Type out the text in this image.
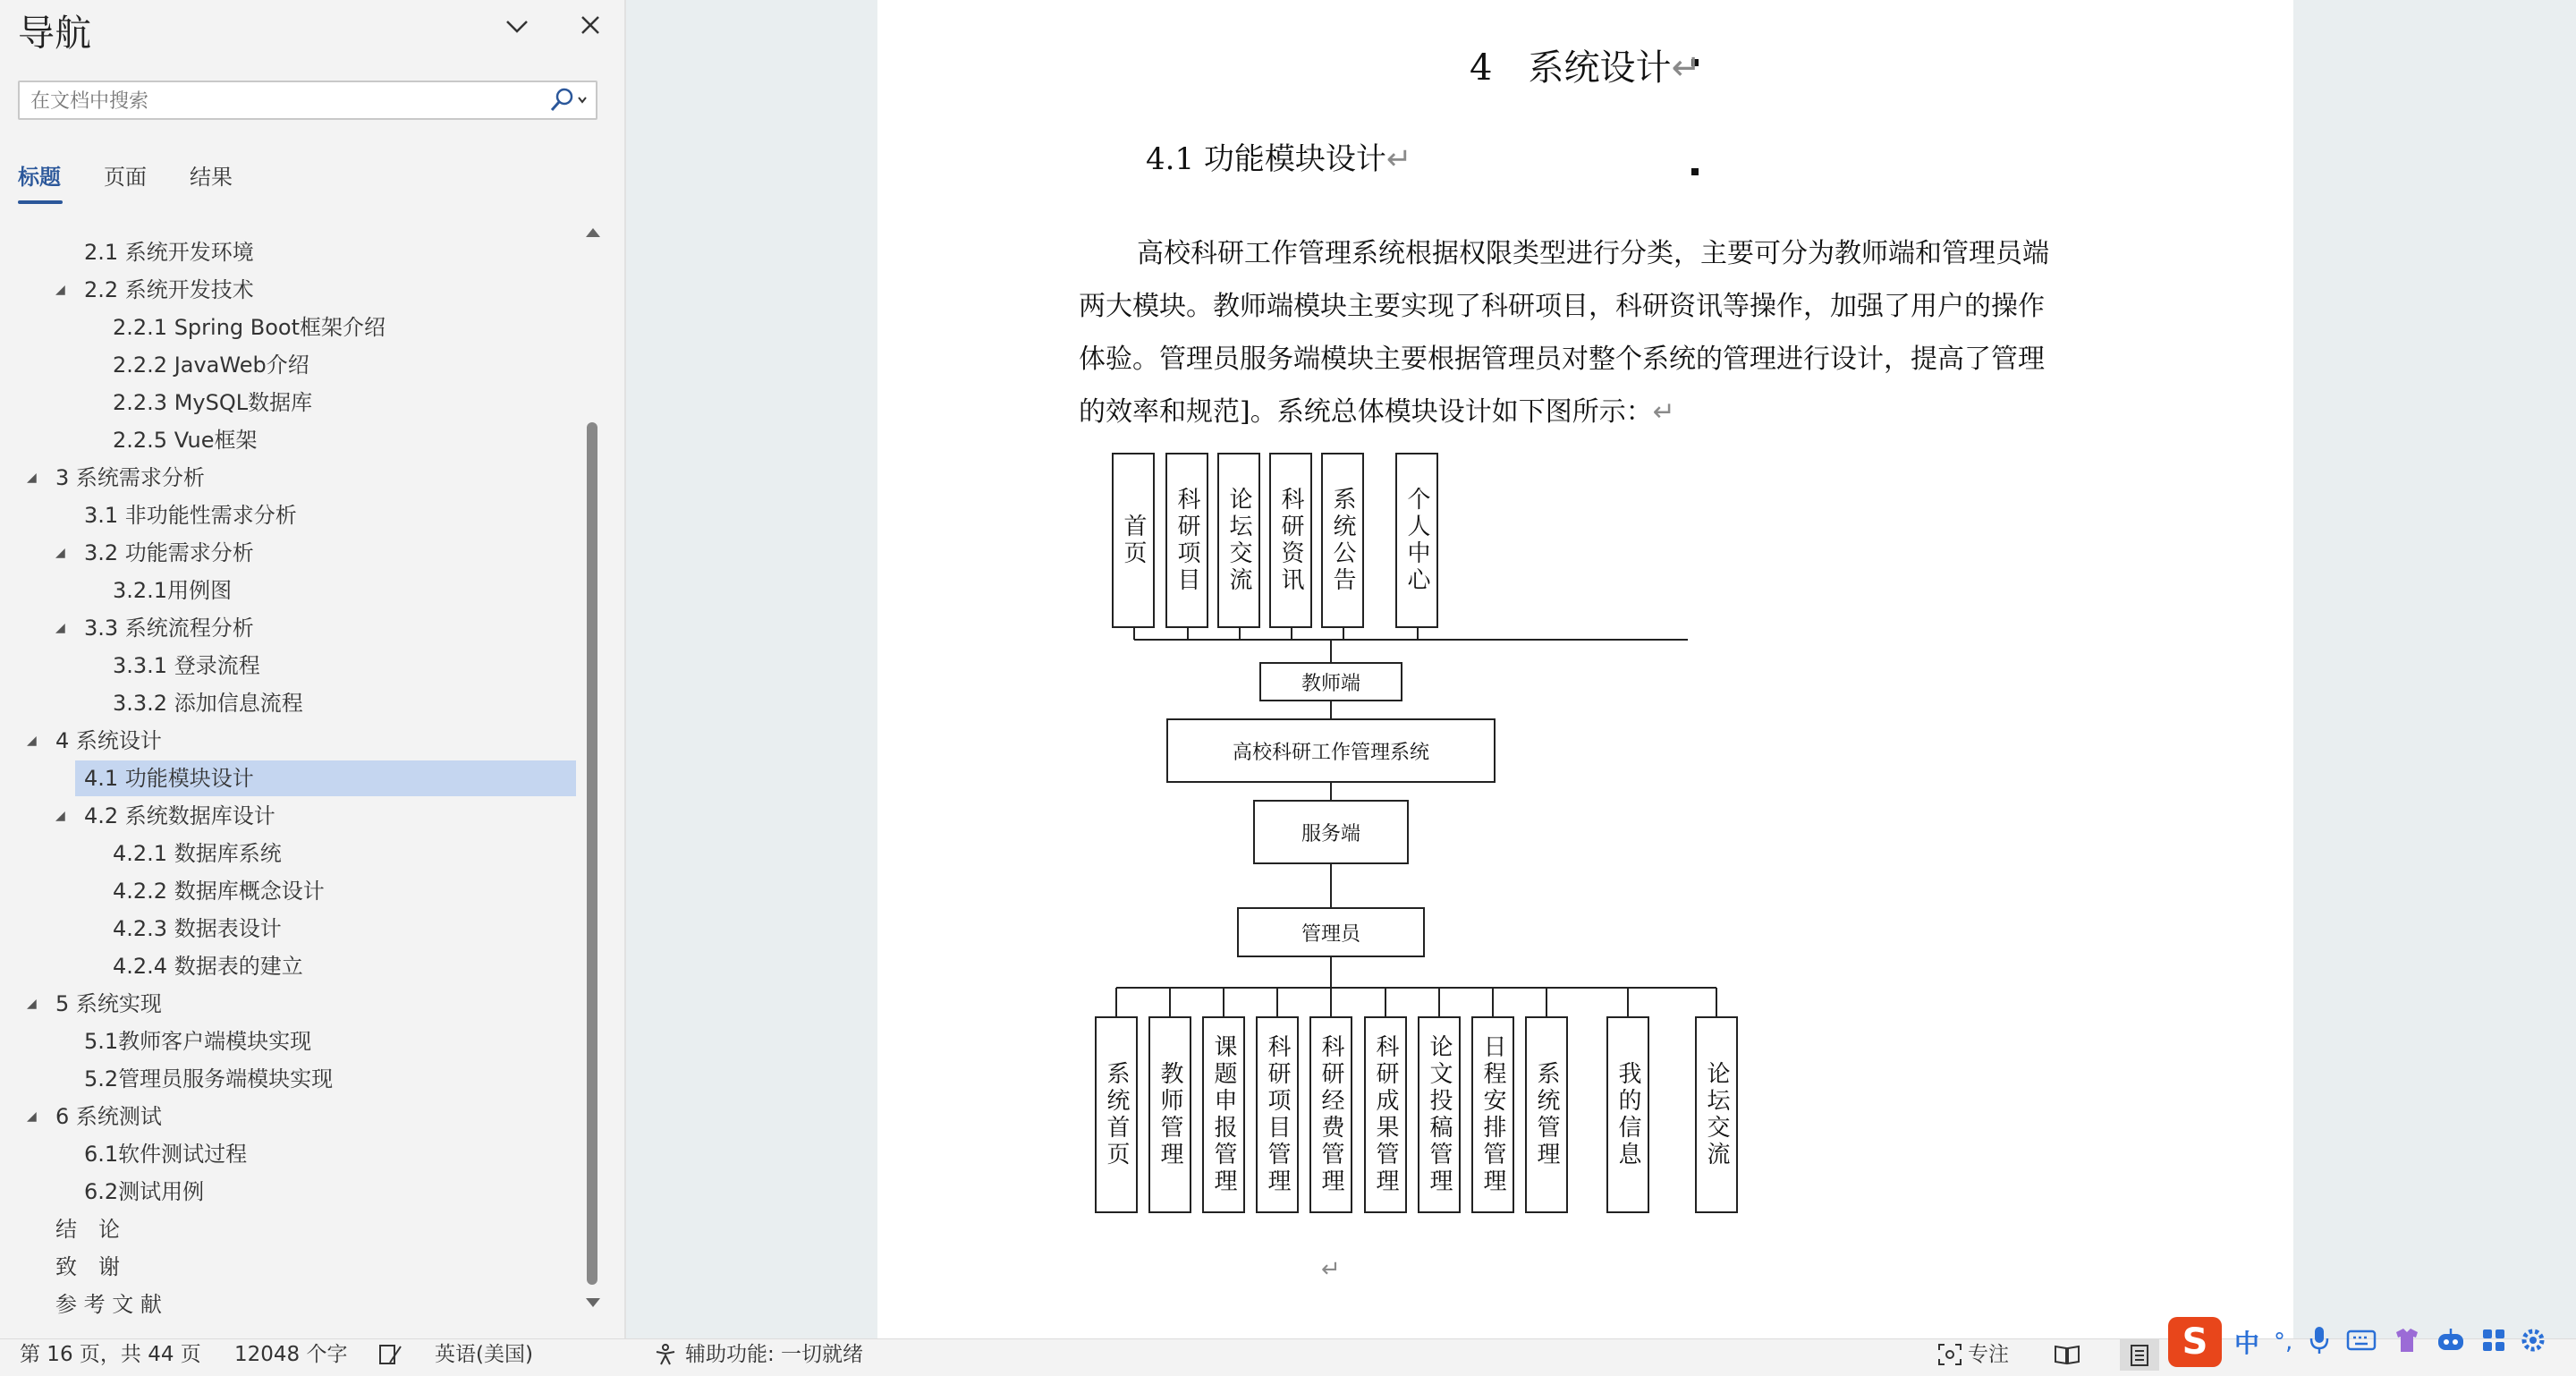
导航
在文档中搜索
标题 页面 结果
2.1 系统开发环境
◢ 2.2 系统开发技术
2.2.1 Spring Boot框架介绍
2.2.2 JavaWeb介绍
2.2.3 MySQL数据库
2.2.5 Vue框架
◢ 3 系统需求分析
3.1 非功能性需求分析
◢ 3.2 功能需求分析
3.2.1用例图
◢ 3.3 系统流程分析
3.3.1 登录流程
3.3.2 添加信息流程
◢ 4 系统设计
4.1 功能模块设计
◢ 4.2 系统数据库设计
4.2.1 数据库系统
4.2.2 数据库概念设计
4.2.3 数据表设计
4.2.4 数据表的建立
◢ 5 系统实现
5.1教师客户端模块实现
5.2管理员服务端模块实现
◢ 6 系统测试
6.1软件测试过程
6.2测试用例
结　论
致　谢
参 考 文 献
4　系统设计↵
4.1 功能模块设计↵
高校科研工作管理系统根据权限类型进行分类，主要可分为教师端和管理员端
两大模块。教师端模块主要实现了科研项目，科研资讯等操作，加强了用户的操作
体验。管理员服务端模块主要根据管理员对整个系统的管理进行设计，提高了管理
的效率和规范]。系统总体模块设计如下图所示：↵
首页 科研项目 论坛交流 科研资讯 系统公告 个人中心
教师端
高校科研工作管理系统
服务端
管理员
系统首页 教师管理 课题申报管理 科研项目管理 科研经费管理 科研成果管理 论文投稿管理 日程安排管理 系统管理 我的信息	论坛交流
↵
第 16 页，共 44 页 12048 个字	英语(美国)	辅助功能: 一切就绪	专注	S	中 °,
